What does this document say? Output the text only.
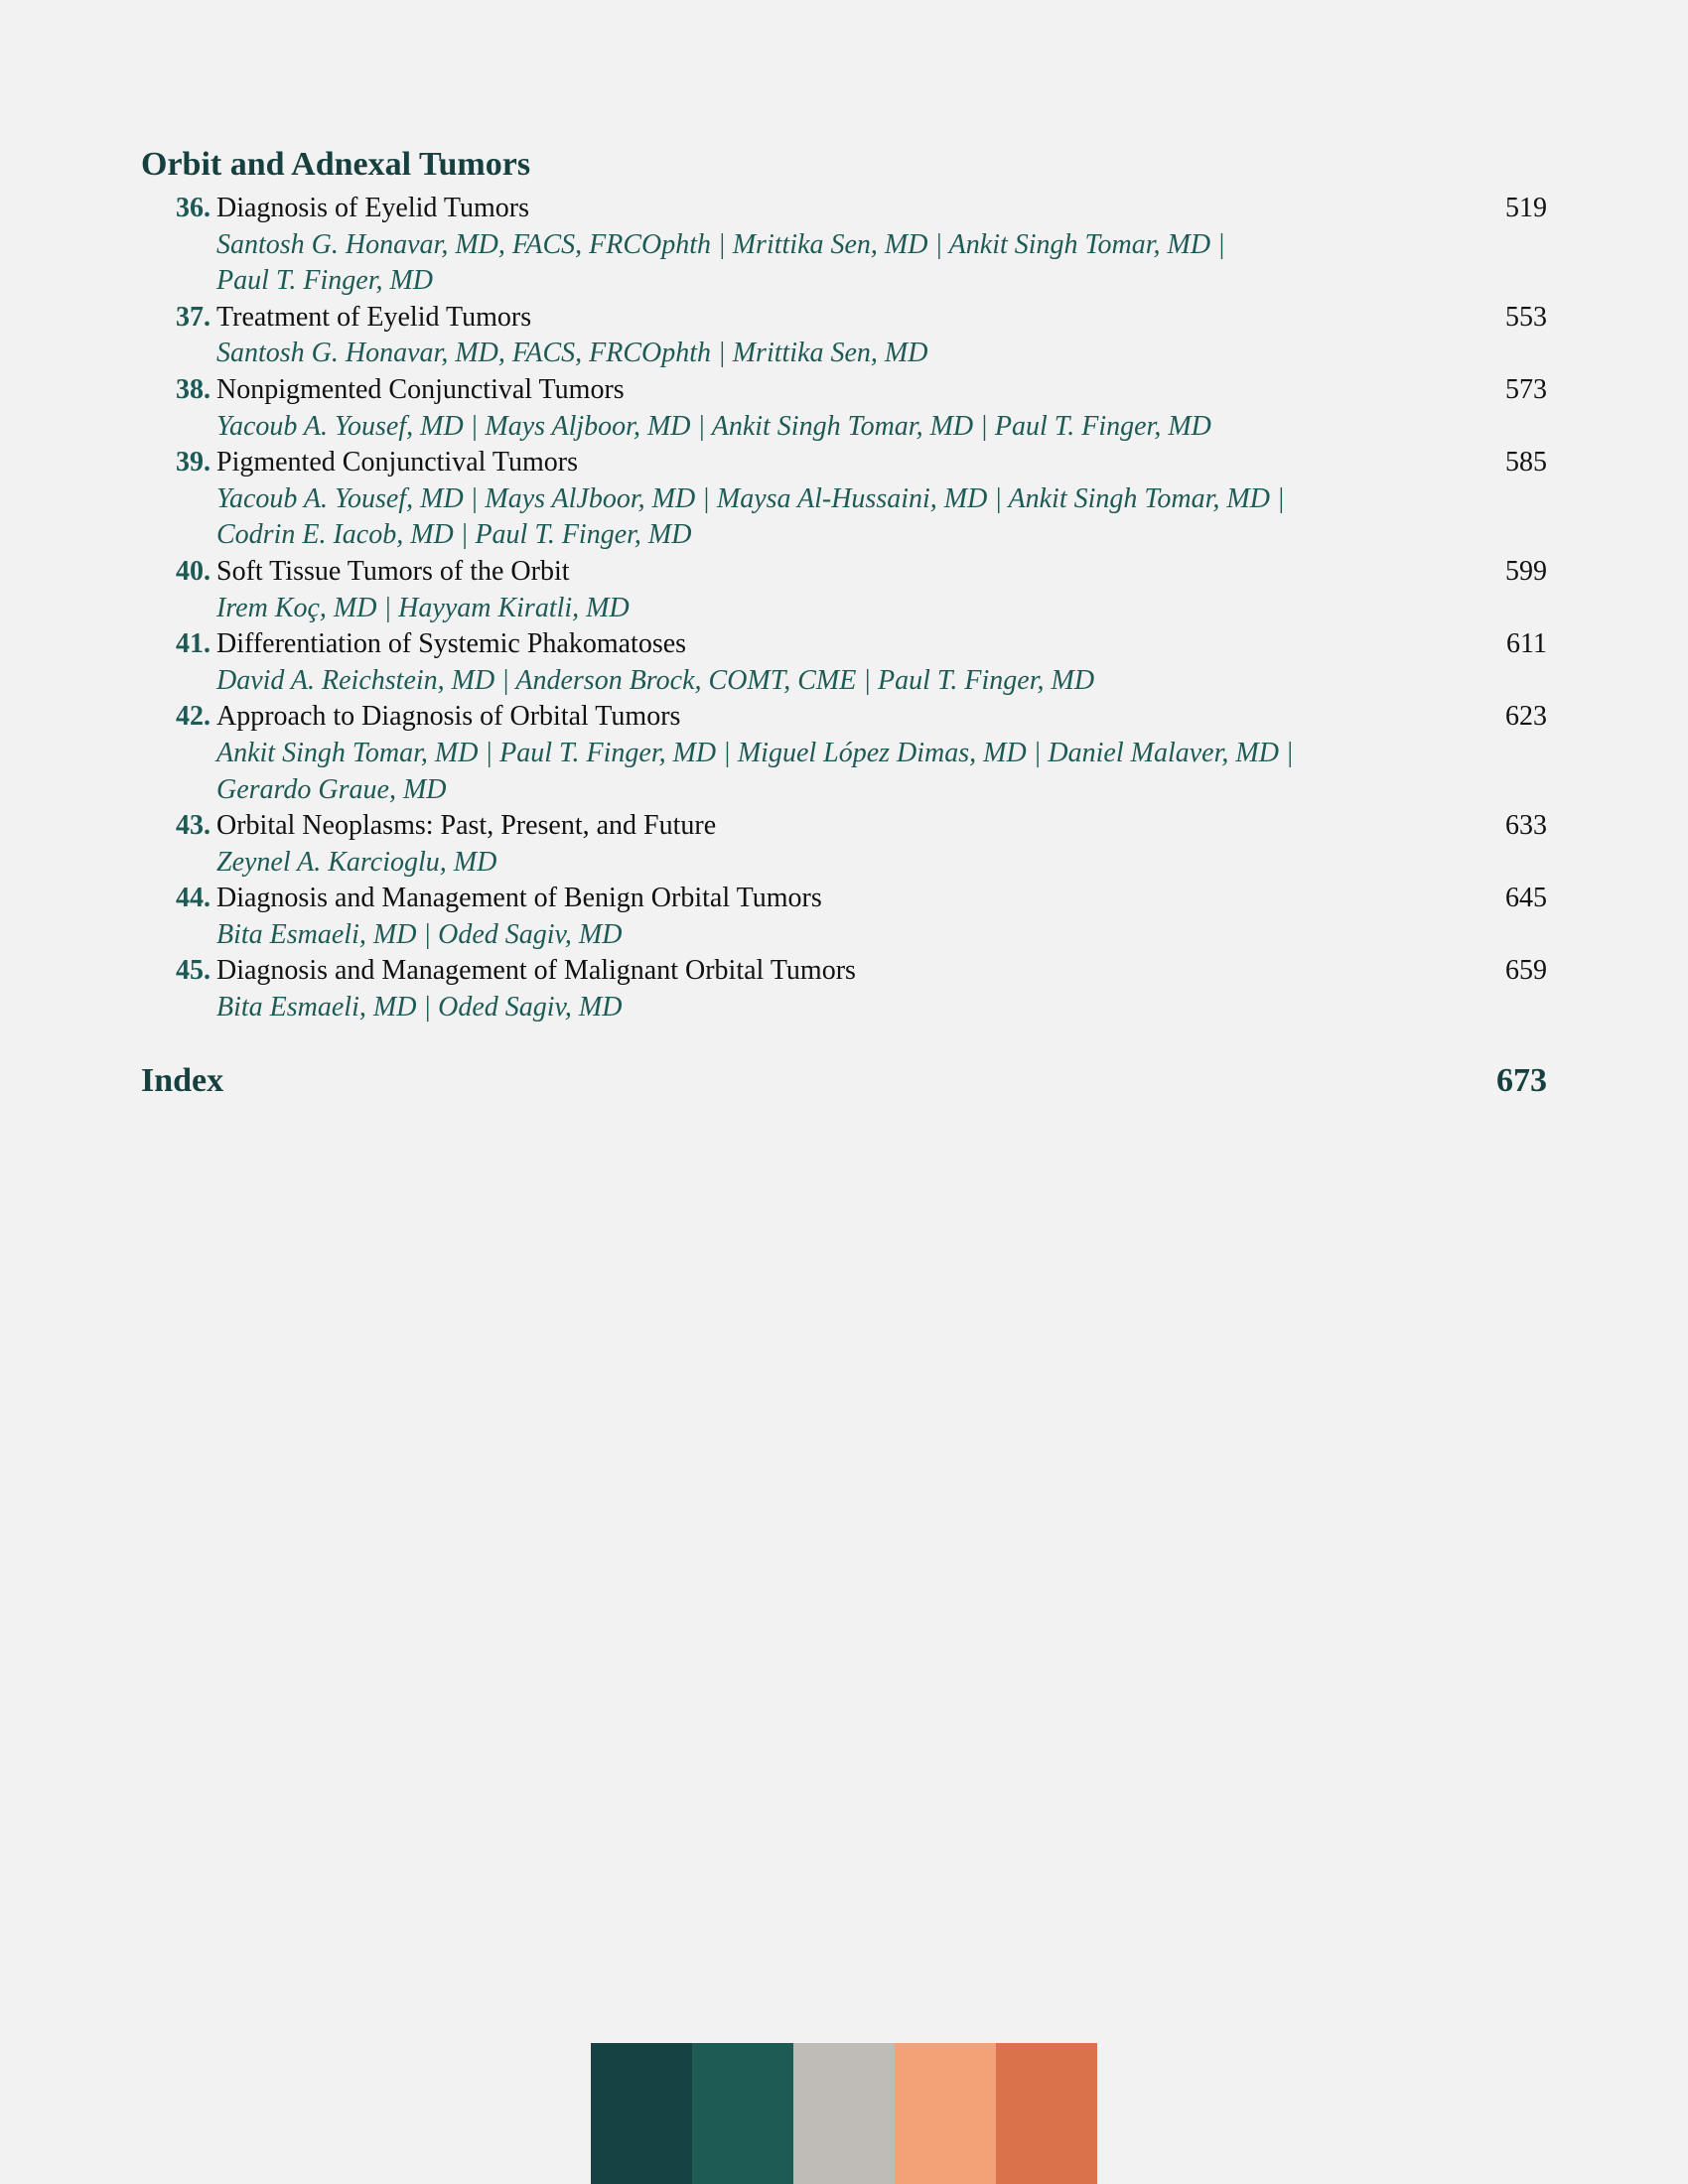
Orbit and Adnexal Tumors
36. Diagnosis of Eyelid Tumors	519
Santosh G. Honavar, MD, FACS, FRCOphth | Mrittika Sen, MD | Ankit Singh Tomar, MD |
Paul T. Finger, MD
37. Treatment of Eyelid Tumors	553
Santosh G. Honavar, MD, FACS, FRCOphth | Mrittika Sen, MD
38. Nonpigmented Conjunctival Tumors	573
Yacoub A. Yousef, MD | Mays Aljboor, MD | Ankit Singh Tomar, MD | Paul T. Finger, MD
39. Pigmented Conjunctival Tumors	585
Yacoub A. Yousef, MD | Mays AlJboor, MD | Maysa Al-Hussaini, MD | Ankit Singh Tomar, MD |
Codrin E. Iacob, MD | Paul T. Finger, MD
40. Soft Tissue Tumors of the Orbit	599
Irem Koç, MD | Hayyam Kiratli, MD
41. Differentiation of Systemic Phakomatoses	611
David A. Reichstein, MD | Anderson Brock, COMT, CME | Paul T. Finger, MD
42. Approach to Diagnosis of Orbital Tumors	623
Ankit Singh Tomar, MD | Paul T. Finger, MD | Miguel López Dimas, MD | Daniel Malaver, MD |
Gerardo Graue, MD
43. Orbital Neoplasms: Past, Present, and Future	633
Zeynel A. Karcioglu, MD
44. Diagnosis and Management of Benign Orbital Tumors	645
Bita Esmaeli, MD | Oded Sagiv, MD
45. Diagnosis and Management of Malignant Orbital Tumors	659
Bita Esmaeli, MD | Oded Sagiv, MD
Index	673
